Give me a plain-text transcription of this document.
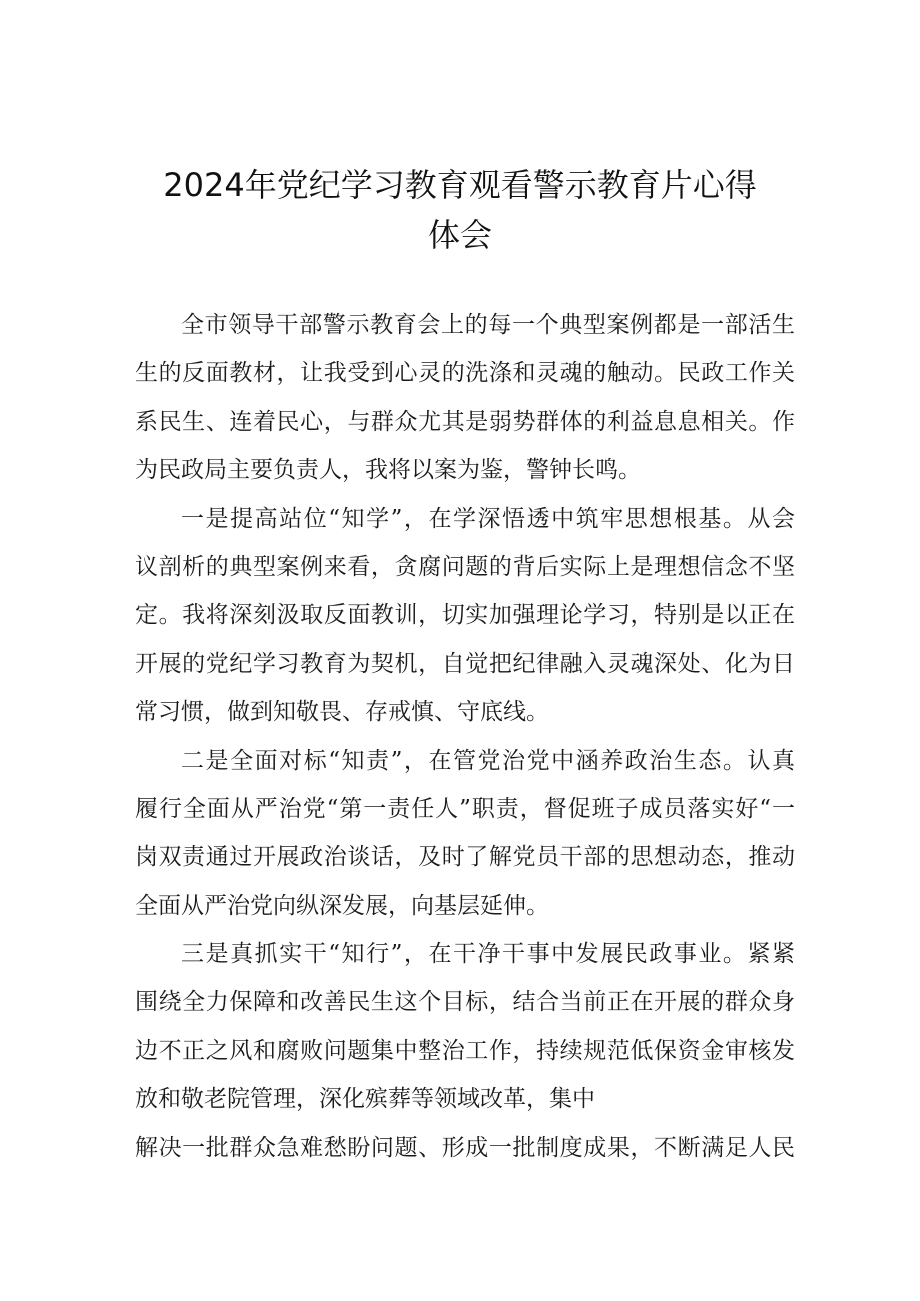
2024年党纪学习教育观看警示教育片心得
体会
全市领导干部警示教育会上的每一个典型案例都是一部活生
生的反面教材，让我受到心灵的洗涤和灵魂的触动。民政工作关
系民生、连着民心，与群众尤其是弱势群体的利益息息相关。作
为民政局主要负责人，我将以案为鉴，警钟长鸣。
一是提高站位“知学”，在学深悟透中筑牢思想根基。从会
议剖析的典型案例来看，贪腐问题的背后实际上是理想信念不坚
定。我将深刻汲取反面教训，切实加强理论学习，特别是以正在
开展的党纪学习教育为契机，自觉把纪律融入灵魂深处、化为日
常习惯，做到知敬畏、存戒慎、守底线。
二是全面对标“知责”，在管党治党中涵养政治生态。认真
履行全面从严治党“第一责任人”职责，督促班子成员落实好“一
岗双责通过开展政治谈话，及时了解党员干部的思想动态，推动
全面从严治党向纵深发展，向基层延伸。
三是真抓实干“知行”，在干净干事中发展民政事业。紧紧
围绕全力保障和改善民生这个目标，结合当前正在开展的群众身
边不正之风和腐败问题集中整治工作，持续规范低保资金审核发
放和敬老院管理，深化殡葬等领域改革，集中
解决一批群众急难愁盼问题、形成一批制度成果，不断满足人民
